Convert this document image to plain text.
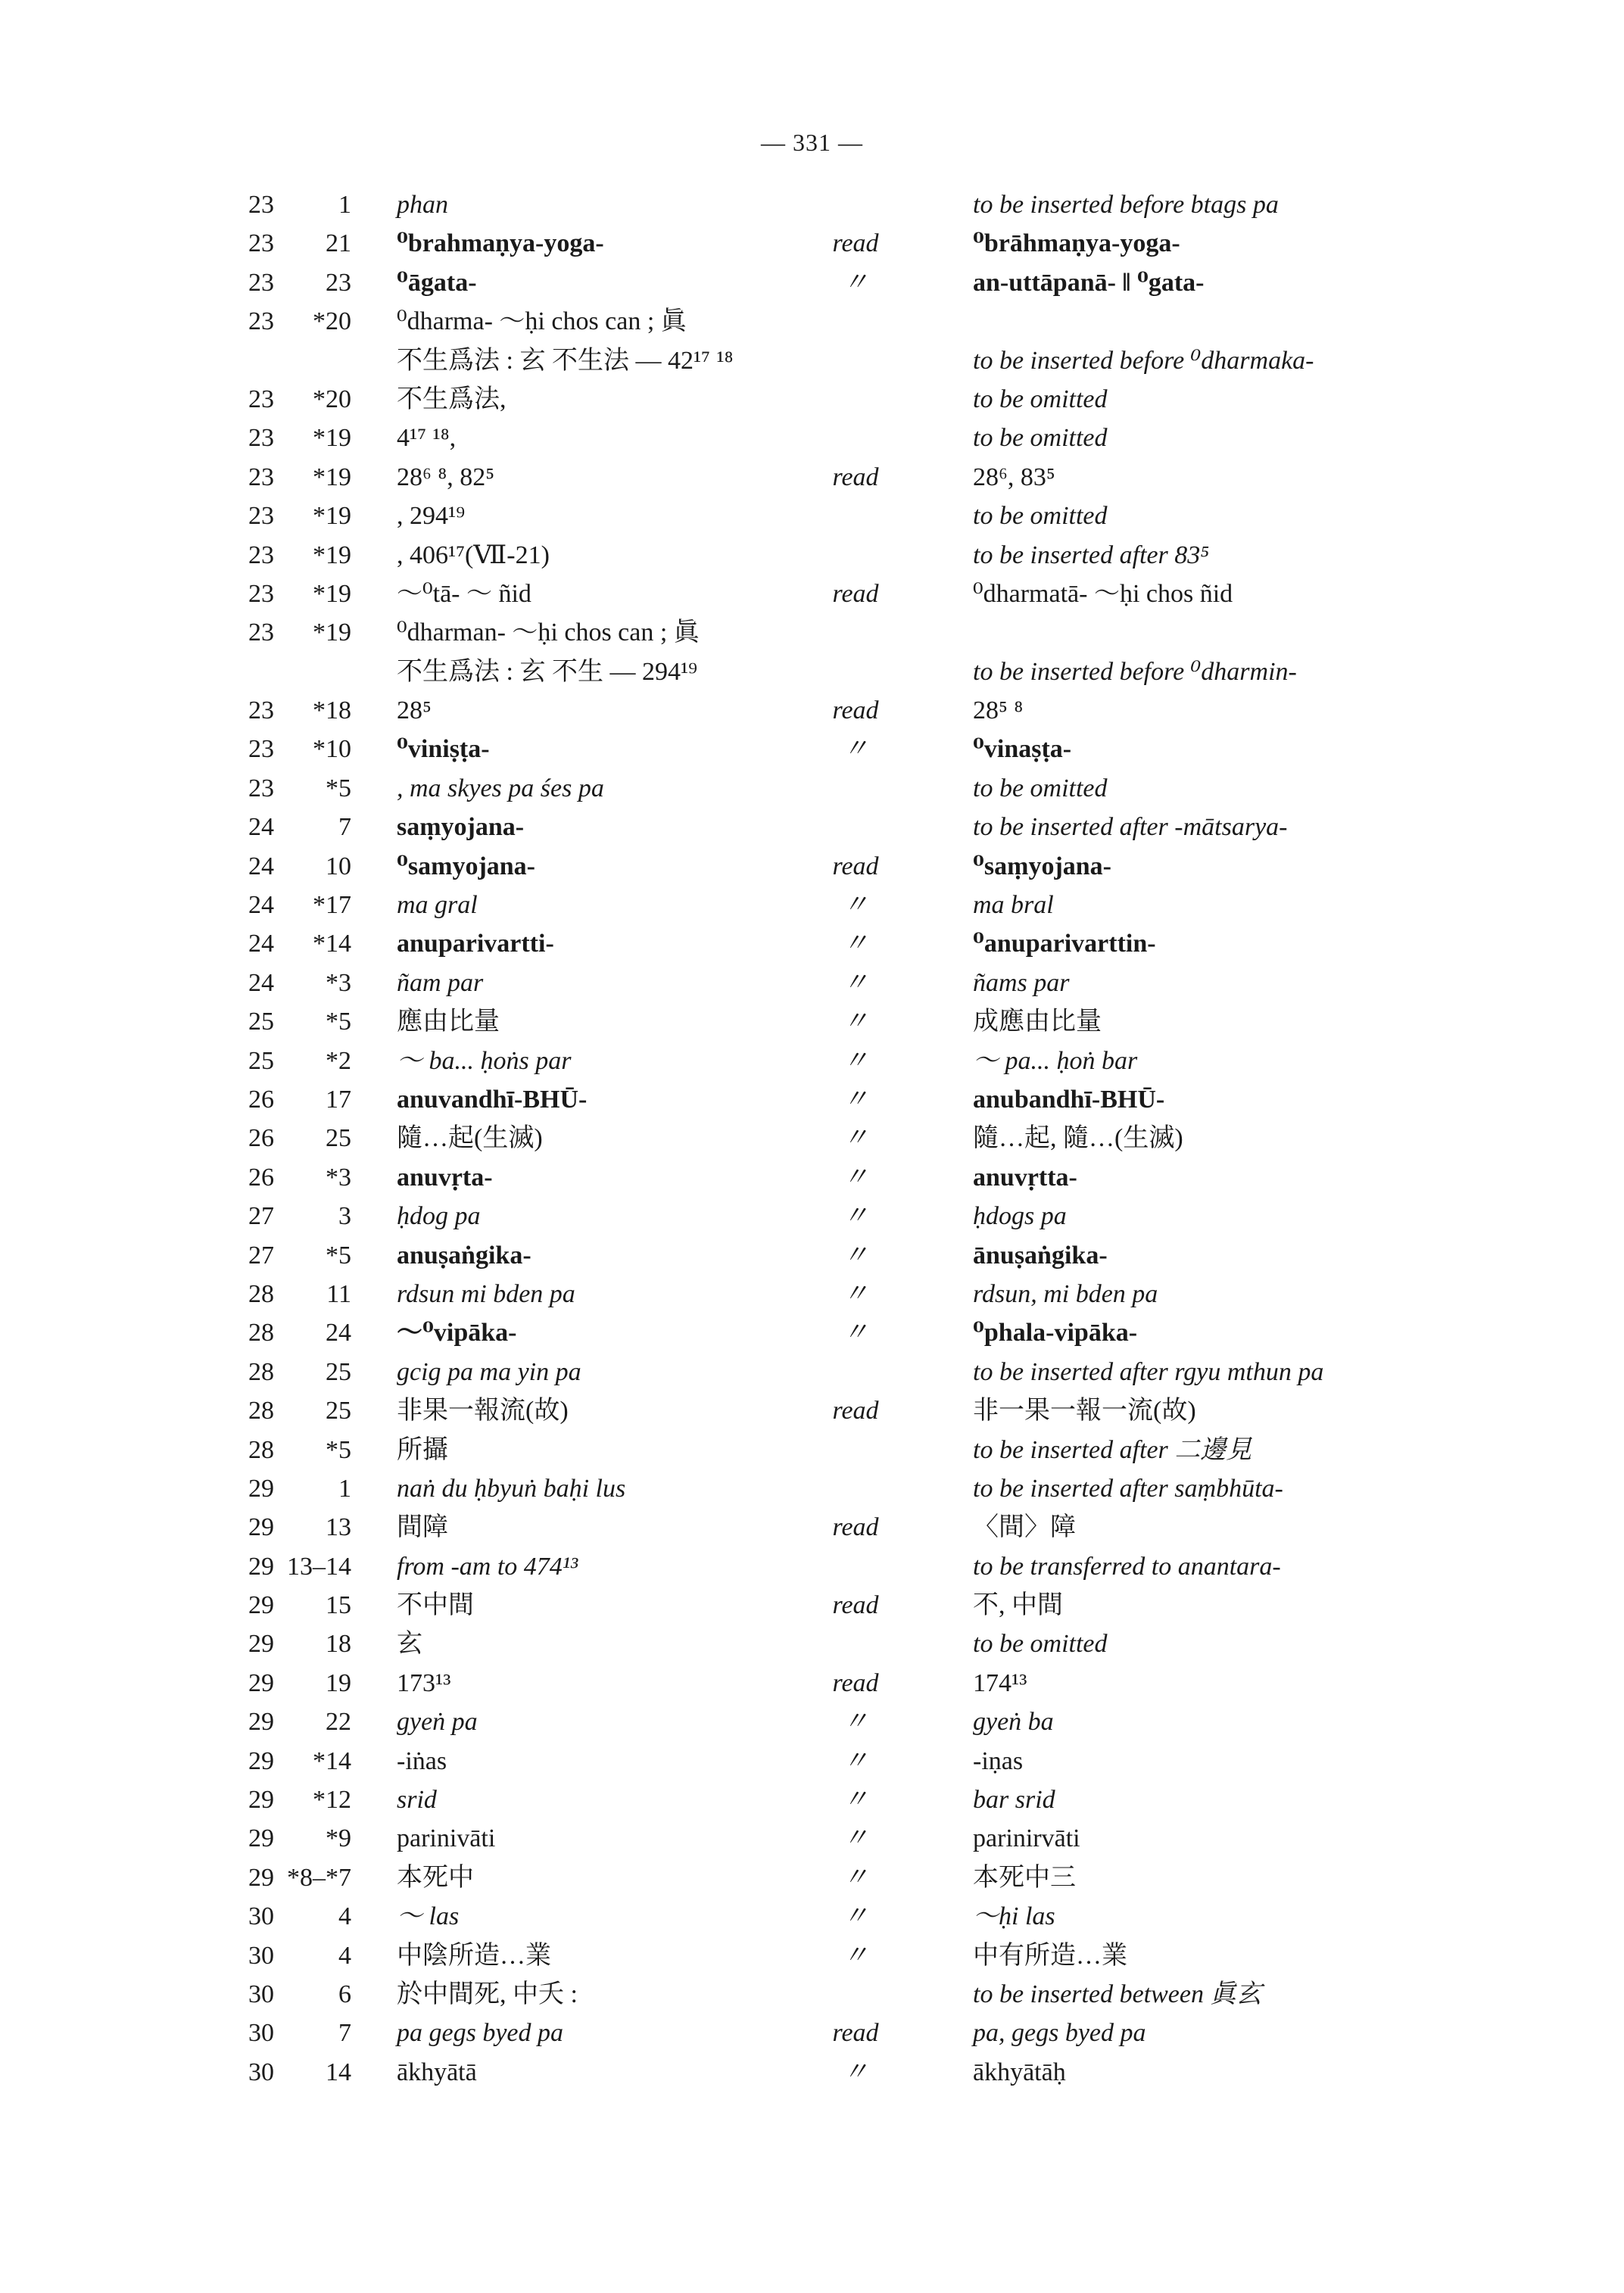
— 331 —
23	1 phan	to be inserted before btags pa
23	21 ⁰brahmaṇya-yoga-	read	⁰brāhmaṇya-yoga-
23	23 ⁰āgata-	〃	an-uttāpanā- ‖ ⁰gata-
23	*20 ⁰dharma- ～ḥi chos can ; 眞
不生爲法 : 玄 不生法 — 42¹⁷ ¹⁸	to be inserted before ⁰dharmaka-
23	*20 不生爲法,	to be omitted
23	*19 4¹⁷ ¹⁸,	to be omitted
23	*19 28⁶ ⁸, 82⁵	read	28⁶, 83⁵
23	*19 , 294¹⁹	to be omitted
23	*19 , 406¹⁷(Ⅶ-21)	to be inserted after 83⁵
23	*19 ～⁰tā- ～ ñid	read	⁰dharmatā- ～ḥi chos ñid
23	*19 ⁰dharman- ～ḥi chos can ; 眞
不生爲法 : 玄 不生 — 294¹⁹	to be inserted before ⁰dharmin-
23	*18 28⁵	read	28⁵ ⁸
23	*10 ⁰viniṣṭa-	〃	⁰vinaṣṭa-
23	*5 , ma skyes pa śes pa	to be omitted
24	7 saṃyojana-	to be inserted after -mātsarya-
24	10 ⁰samyojana-	read	⁰saṃyojana-
24	*17 ma gral	〃	ma bral
24	*14 anuparivartti-	〃	⁰anuparivarttin-
24	*3 ñam par	〃	ñams par
25	*5 應由比量	〃	成應由比量
25	*2 ～ ba... ḥoṅs par	〃	～ pa... ḥoṅ bar
26	17 anuvandhī-BHŪ-	〃	anubandhī-BHŪ-
26	25 隨…起(生滅)	〃	隨…起, 隨…(生滅)
26	*3 anuvṛta-	〃	anuvṛtta-
27	3 ḥdog pa	〃	ḥdogs pa
27	*5 anuṣaṅgika-	〃	ānuṣaṅgika-
28	11 rdsun mi bden pa	〃	rdsun, mi bden pa
28	24 ～⁰vipāka-	〃	⁰phala-vipāka-
28	25 gcig pa ma yin pa	to be inserted after rgyu mthun pa
28	25 非果一報流(故)	read	非一果一報一流(故)
28	*5 所攝	to be inserted after 二邊見
29	1 naṅ du ḥbyuṅ baḥi lus	to be inserted after saṃbhūta-
29	13 間障	read	〈間〉障
29 13–14 from -am to 474¹³	to be transferred to anantara-
29	15 不中間	read	不, 中間
29	18 玄	to be omitted
29	19 173¹³	read	174¹³
29	22 gyeṅ pa	〃	gyeṅ ba
29	*14 -iṅas	〃	-iṇas
29	*12 srid	〃	bar srid
29	*9 parinivāti	〃	parinirvāti
29 *8–*7 本死中	〃	本死中三
30	4 ～ las	〃	～ḥi las
30	4 中陰所造…業	〃	中有所造…業
30	6 於中間死, 中夭 :	to be inserted between 眞玄
30	7 pa gegs byed pa	read	pa, gegs byed pa
30	14 ākhyātā	〃	ākhyātāḥ
